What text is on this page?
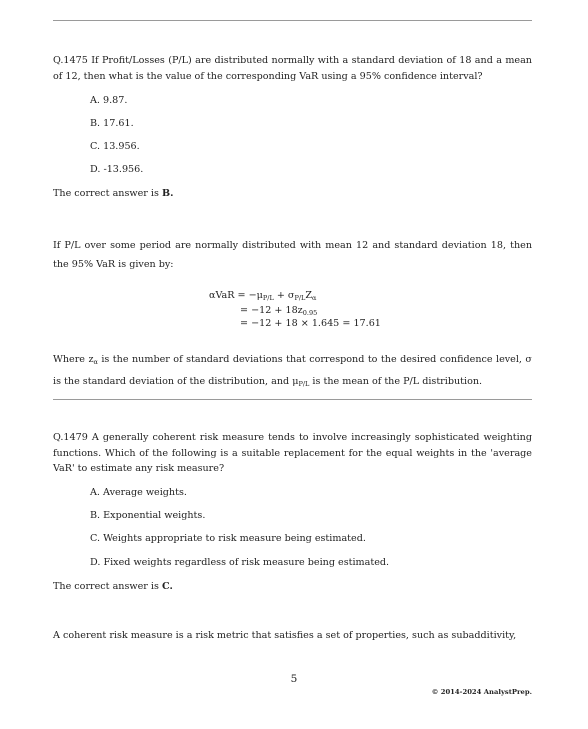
Q.1475 If Profit/Losses (P/L) are distributed normally with a standard deviation of 18 and a mean of 12, then what is the value of the corresponding VaR using a 95% confidence interval?
A. 9.87.
B. 17.61.
C. 13.956.
D. -13.956.
The correct answer is B.
If P/L over some period are normally distributed with mean 12 and standard deviation 18, then the 95% VaR is given by:
$\alpha VaR = -\mu_{P/L} + \sigma_{P/L}Z_\alpha$
= $-12 + 18z_{0.95}$
= −12 + 18 × 1.645 = 17.61
Where $z_\alpha$ is the number of standard deviations that correspond to the desired confidence level, σ is the standard deviation of the distribution, and $\mu_{P/L}$ is the mean of the P/L distribution.
Q.1479 A generally coherent risk measure tends to involve increasingly sophisticated weighting functions. Which of the following is a suitable replacement for the equal weights in the 'average VaR' to estimate any risk measure?
A. Average weights.
B. Exponential weights.
C. Weights appropriate to risk measure being estimated.
D. Fixed weights regardless of risk measure being estimated.
The correct answer is C.
A coherent risk measure is a risk metric that satisfies a set of properties, such as subadditivity,
5
© 2014-2024 AnalystPrep.
